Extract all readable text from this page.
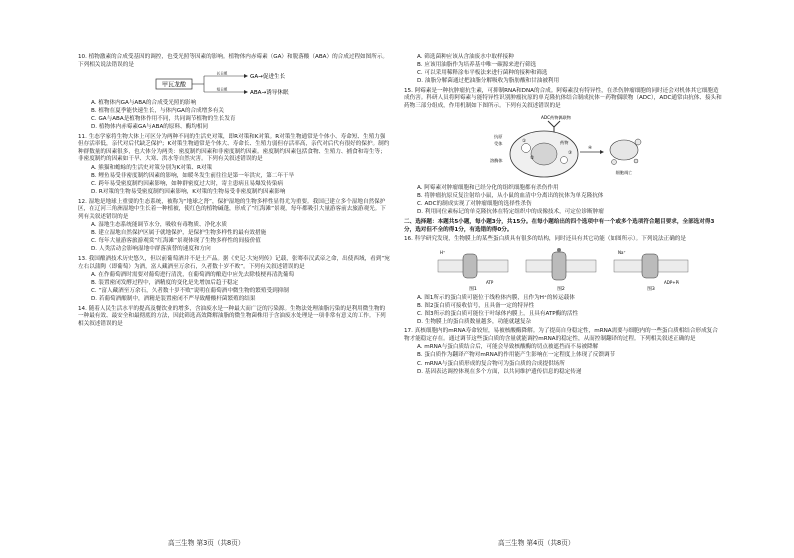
10. 植物激素的合成受基因的调控，也受光照等因素的影响。植物体内赤霉素（GA）和脱落酸（ABA）的合成过程如图所示。下列相关说法错误的是
甲瓦龙酸
长日照
短日照
GA→促进生长
ABA→诱导休眠
A. 植物体内GA与ABA的合成受光照的影响
B. 植物在夏季能快速生长，与体内GA的合成增多有关
C. GA与ABA是植物体作用不同，共同调节植物的生长发育
D. 植物体内赤霉素GA与ABA的原料、酶均相同
11. 生态学家将生物大体上可区分为两种不同的生活史对策，即R对策和K对策。R对策生物通常是个体小、寿命短、生殖力强但存活率低，亲代对后代缺乏保护；K对策生物通常是个体大、寿命长、生殖力弱但存活率高，亲代对后代有很好的保护。制约种群数量的因素很多，也大体分为两类：密度制约因素和非密度制约因素。密度制约因素包括食物、生殖力、捕食和寄生等；非密度制约的因素如干旱、大寒、洪水等自然灾害。下列有关叙述错误的是
A. 熊猫和蟾蜍的生活史对策分别为K对策、R对策
B. 鲤鱼易受非密度制约因素的影响，如暖冬发生前往往是第一年洪灾，第二年干旱
C. 跨年易受密度制约因素影响，如种群密度过大时，寄主患病且易爆发传染病
D. R对策的生物易受密度制约因素影响，K对策的生物易受非密度制约因素影响
12. 湿地是地球上重要的生态系统，被称为“地球之肾”，保护湿地的生物多样性显得尤为重要。我国已建立多个湿地自然保护区，在辽河三角洲湿地中生长着一种植被，使红色的植物碱蓬，形成了“红海滩”景观，每年都吸引大量游客前去旅游观光。下列有关叙述错误的是
A. 湿地生态系统能调节水分，吸收有毒物质、净化水质
B. 建立湿地自然保护区属于就地保护，是保护生物多样性的最有效措施
C. 每年大量游客旅游观赏“红海滩”景观体现了生物多样性的间接价值
D. 人类活动会影响湿地中群落演替的速度和方向
13. 我国酿酒技术历史悠久，但以前葡萄酒并不是土产品。据《史记·大宛列传》记载，张骞奉汉武帝之命，出使西域，看到“宛左右以蒲陶（即葡萄）为酒，富人藏酒至万余石，久者数十岁不败”。下列有关叙述错误的是
A. 在作葡萄酒时需要对葡萄进行清洗，在葡萄酒的酿造中应先去除枝梗再清洗葡萄
B. 装置密闭发酵过程中，酒精度的变化是先增加后趋于稳定
C. “富人藏酒至万余石，久者数十岁不败”说明在葡萄酒中微生物的繁殖受到抑制
D. 若葡萄酒酿制中，酒精是装置密闭不严导致醋酸杆菌繁殖的结果
14. 随着人民生活水平的提高及餐饮业的增多，含油废水是一种最大而广泛的污染源。生物法处理油脂污染的是利用微生物的一种最有效、最安全和最彻底的方法，因此筛选高效降解油脂的微生物菌株用于含油废水处理是一项非常有意义的工作。下列相关叙述错误的是
高三生物 第3页（共8页）
A. 筛选菌种应该从含油废水中取样接种
B. 应该用油脂作为培养基中唯一碳源来进行筛选
C. 可以采用稀释涂布平板法来进行菌种的接种和筛选
D. 油脂分解菌通过把油脂分解吸收为脂肪酸和甘油被利用
15. 阿霉素是一种抗肿瘤抗生素，可抑制RNA和DNA的合成。阿霉素没有特异性，在杀伤肿瘤细胞的同时还会对机体其它细胞造成伤害。科研人员将阿霉素与能特异性识别肿瘤抗原的单克隆抗体结合制成抗体－药物偶联物（ADC），ADC通常由抗体、接头和药物三部分组成，作用机制如下图所示。下列有关叙述错误的是
ADC药物偶联物
抗原
受体
溶酶体
药物
①
②
③
④
细胞凋亡
A. 阿霉素对肿瘤细胞和已经分化的组织细胞都有杀伤作用
B. 将肿瘤抗原反复注射给小鼠，从小鼠的血清中分离出的抗体为单克隆抗体
C. ADC的制成实现了对肿瘤细胞的选择性杀伤
D. 利用同位素标记的单克隆抗体在特定组织中的成像技术，可定位诊断肿瘤
二、选择题：本题共5小题，每小题3分，共15分。在每小题给出的四个选项中有一个或多个选项符合题目要求，全部选对得3分，选对但不全的得1分，有选错的得0分。
16. 科学研究发现，生物膜上的某些蛋白质具有很多的结构，同时还具有其它功能（如图所示）。下列说法正确的是
H⁺
ATP
图1	图2
Na⁺
ADP+Pi
图3
A. 图1所示的蛋白质可能位于线粒体内膜，且作为H⁺的转运载体
B. 图2蛋白质可接收信号，且具备一定的特异性
C. 图3所示的蛋白质可能位于叶绿体内膜上，且具有ATP酶的活性
D. 生物膜上的蛋白质数量越多，功能就越复杂
17. 真核细胞内的mRNA寿命较短，易被核酸酶降解。为了提高自身稳定性，mRNA需要与细胞内的一些蛋白质相结合形成复合物才能稳定存在。通过调节这些蛋白质的含量就能调控mRNA的稳定性，从而控制翻译的过程。下列相关叙述正确的是
A. mRNA与蛋白质结合后，可能会导致核酸酶的切点被遮挡而不易被降解
B. 蛋白质作为翻译产物对mRNA的作用能产生影响在一定程度上体现了反馈调节
C. mRNA与蛋白质形成的复合物可为蛋白质的合成提供场所
D. 基因表达调控体现在多个方面，以共同维护遗传信息的稳定传递
高三生物 第4页（共8页）
